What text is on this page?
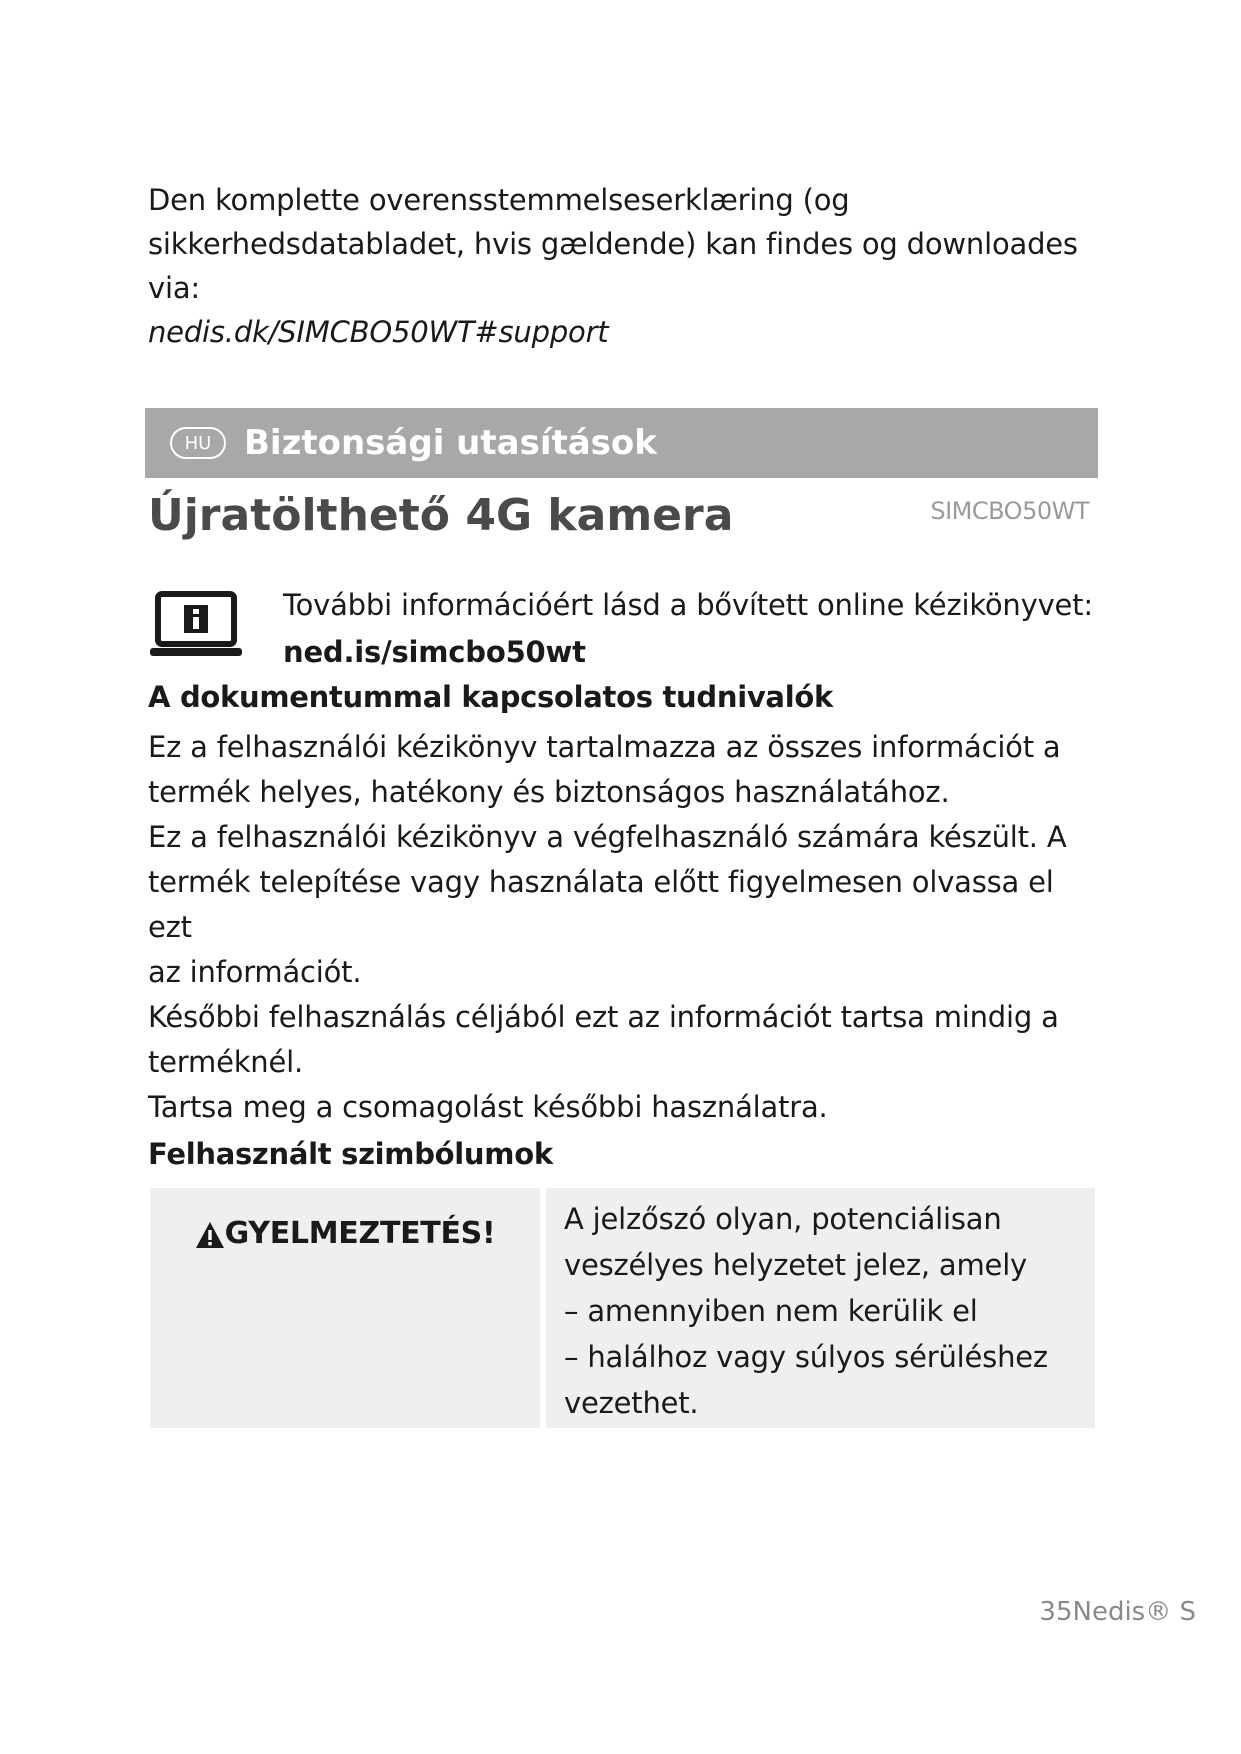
Den komplette overensstemmelseserklæring (og

sikkerhedsdatabladet, hvis gældende) kan findes og downloades

via:

nedis.dk/SIMCBO50WT#support

HU Biztonsági utasítások
Újratölthető 4G kamera	SIMCBO50WT
További információért lásd a bővített online kézikönyvet:
ned.is/simcbo50wt
A dokumentummal kapcsolatos tudnivalók

Ez a felhasználói kézikönyv tartalmazza az összes információt a

termék helyes, hatékony és biztonságos használatához.

Ez a felhasználói kézikönyv a végfelhasználó számára készült. A

termék telepítése vagy használata előtt figyelmesen olvassa el ezt

az információt.

Későbbi felhasználás céljából ezt az információt tartsa mindig a

terméknél.

Tartsa meg a csomagolást későbbi használatra.

Felhasznált szimbólumok
GYELMEZTETÉS! A jelzőszó olyan, potenciálisan

veszélyes helyzetet jelez, amely

– amennyiben nem kerülik el

– halálhoz vagy súlyos sérüléshez

vezethet.

35Nedis® S
